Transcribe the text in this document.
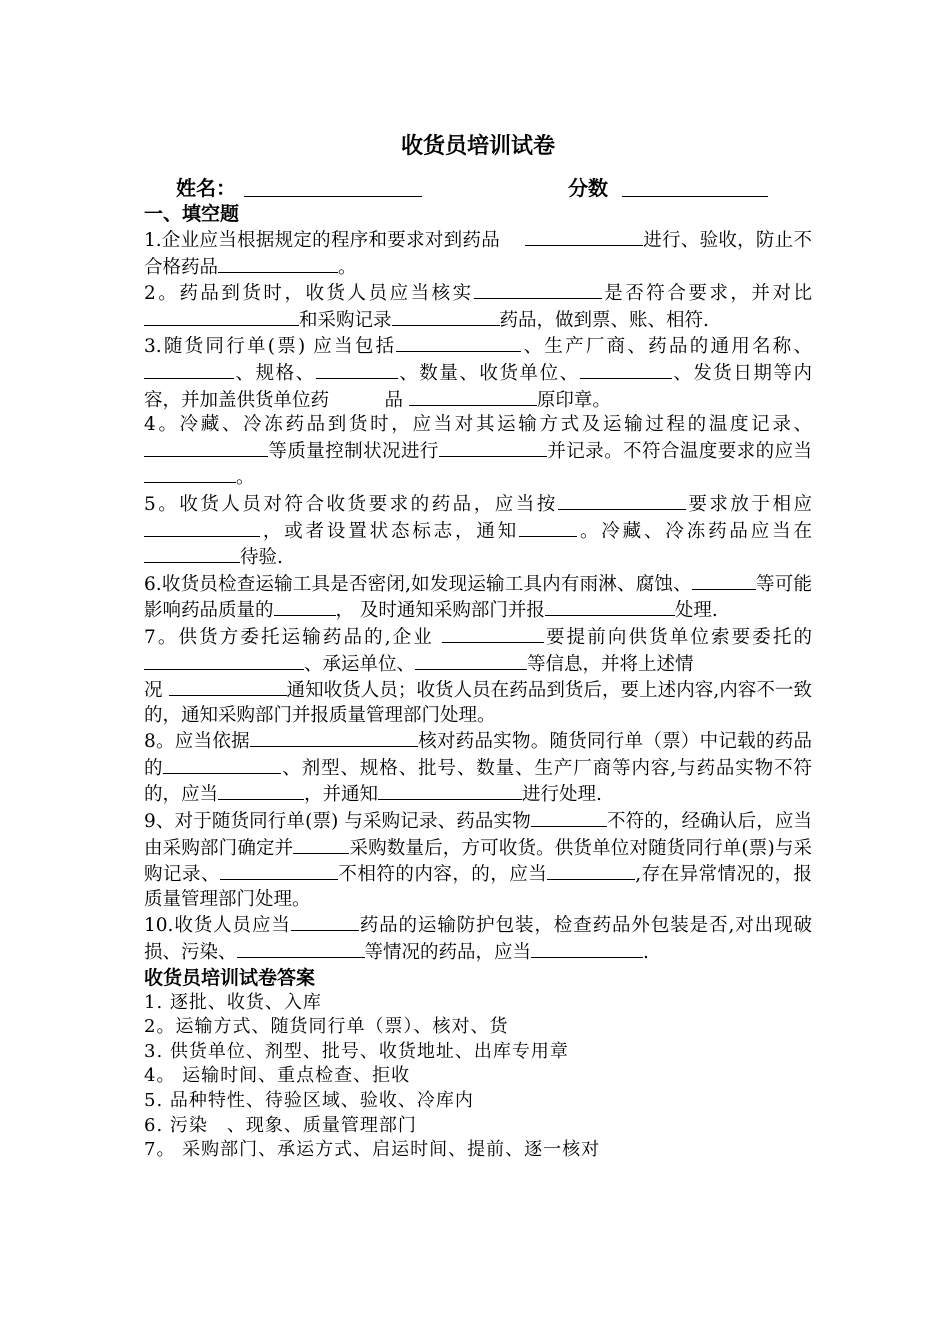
收货员培训试卷
姓名：	分数
一、填空题

1.企业应当根据规定的程序和要求对到药品　	进行、验收，防止不合格药品	。

2。药品到货时，收货人员应当核实	是否符合要求，并对比和采购记录	药品，做到票、账、相符.

3.随货同行单(票) 应当包括	、生产厂商、药品的通用名称、、规格、	、数量、收货单位、	、发货日期等内容，并加盖供货单位药　　　品	原印章。

4。冷藏、冷冻药品到货时，应当对其运输方式及运输过程的温度记录、等质量控制状况进行	并记录。不符合温度要求的应当。

5。收货人员对符合收货要求的药品，应当按	要求放于相应，或者设置状态标志，通知	。冷藏、冷冻药品应当在待验.

6.收货员检查运输工具是否密闭,如发现运输工具内有雨淋、腐蚀、	等可能影响药品质量的	， 及时通知采购部门并报	处理.

7。供货方委托运输药品的,企业	要提前向供货单位索要委托的、承运单位、	等信息，并将上述情
况	通知收货人员；收货人员在药品到货后，要上述内容,内容不一致的，通知采购部门并报质量管理部门处理。

8。应当依据	核对药品实物。随货同行单（票）中记载的药品的	、剂型、规格、批号、数量、生产厂商等内容,与药品实物不符的，应当	，并通知	进行处理.

9、对于随货同行单(票) 与采购记录、药品实物	不符的，经确认后，应当由采购部门确定并	采购数量后，方可收货。供货单位对随货同行单(票)与采购记录、	不相符的内容，的，应当	,存在异常情况的，报质量管理部门处理。

10.收货人员应当	药品的运输防护包装，检查药品外包装是否,对出现破损、污染、	等情况的药品，应当	.

收货员培训试卷答案

1. 逐批、收货、入库

2。运输方式、随货同行单（票）、核对、货

3. 供货单位、剂型、批号、收货地址、出库专用章

4。 运输时间、重点检查、拒收

5. 品种特性、待验区域、验收、冷库内

6. 污染　、现象、质量管理部门

7。 采购部门、承运方式、启运时间、提前、逐一核对
